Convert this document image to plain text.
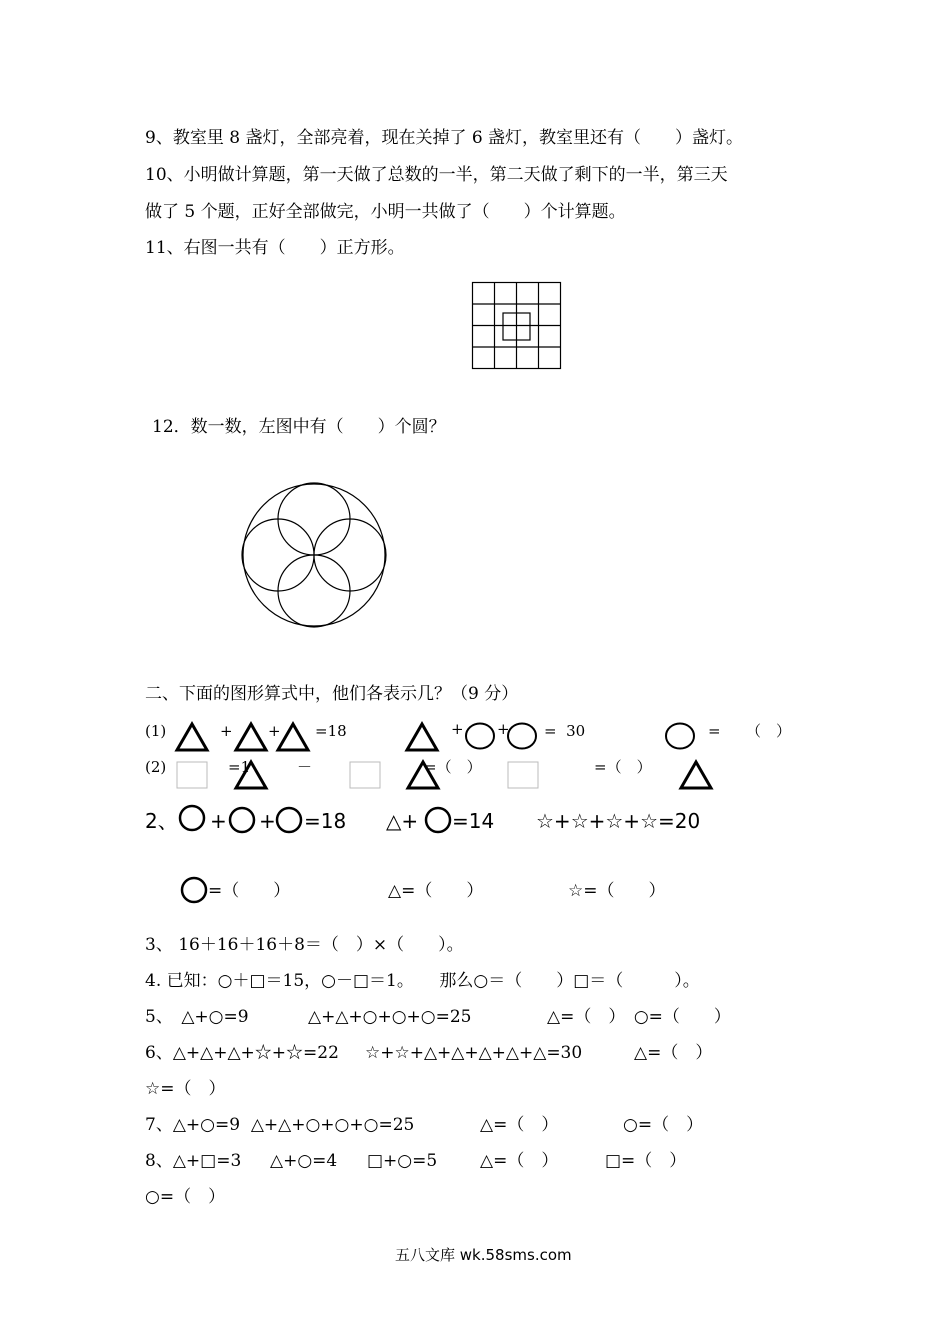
9、教室里 8 盏灯，全部亮着，现在关掉了 6 盏灯，教室里还有（　　）盏灯。
10、小明做计算题，第一天做了总数的一半，第二天做了剩下的一半，第三天
做了 5 个题，正好全部做完，小明一共做了（　　）个计算题。
11、右图一共有（　　）正方形。
12．数一数，左图中有（　　）个圆？
二、下面的图形算式中，他们各表示几？（9 分）
(1)	+ + =18	+ + =  30	= （　）
(2)	=1	－	=（　）	=（　）
2、 + + =18 △+ =14 ☆+☆+☆+☆=20
=（　　）	△=（　　）	☆=（　　）
3、 16＋16＋16＋8＝（　）×（　　）。
4. 已知：○＋□＝15，○－□＝1。　　那么○＝（　　）□＝（　　　）。
5、　△+○=9	△+△+○+○+○=25	△=（　）　○=（　　）
6、△+△+△+☆+☆=22 ☆+☆+△+△+△+△+△=30	△=（　）
☆=（　）
7、△+○=9  △+△+○+○+○=25	△=（　）	○=（　）
8、△+□=3 △+○=4 □+○=5	△=（　）	□=（　）
○=（　）
五八文库 wk.58sms.com
